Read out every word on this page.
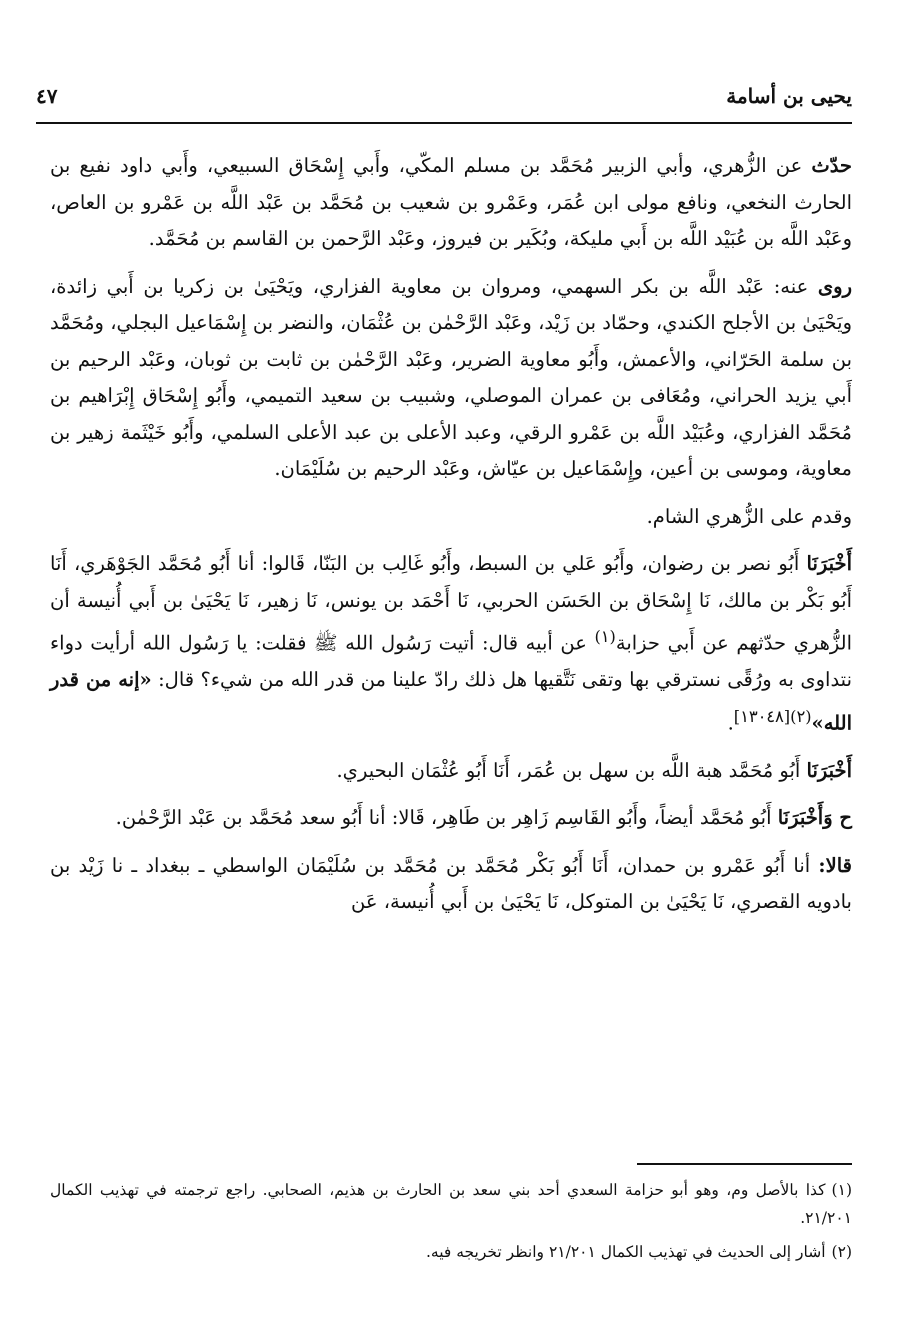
يحيى بن أسامة
٤٧

حدّث عن الزُّهري، وأبي الزبير مُحَمَّد بن مسلم المكّي، وأَبي إِسْحَاق السبيعي، وأَبي داود نفيع بن الحارث النخعي، ونافع مولى ابن عُمَر، وعَمْرو بن شعيب بن مُحَمَّد بن عَبْد اللَّه بن عَمْرو بن العاص، وعَبْد اللَّه بن عُبَيْد اللَّه بن أَبي مليكة، وبُكَير بن فيروز، وعَبْد الرَّحمن بن القاسم بن مُحَمَّد.

روى عنه: عَبْد اللَّه بن بكر السهمي، ومروان بن معاوية الفزاري، ويَحْيَىٰ بن زكريا بن أَبي زائدة، ويَحْيَىٰ بن الأجلح الكندي، وحمّاد بن زَيْد، وعَبْد الرَّحْمٰن بن عُثْمَان، والنضر بن إِسْمَاعيل البجلي، ومُحَمَّد بن سلمة الحَرّاني، والأعمش، وأَبُو معاوية الضرير، وعَبْد الرَّحْمٰن بن ثابت بن ثوبان، وعَبْد الرحيم بن أَبي يزيد الحراني، ومُعَافى بن عمران الموصلي، وشبيب بن سعيد التميمي، وأَبُو إِسْحَاق إِبْرَاهيم بن مُحَمَّد الفزاري، وعُبَيْد اللَّه بن عَمْرو الرقي، وعبد الأعلى بن عبد الأعلى السلمي، وأَبُو خَيْثَمة زهير بن معاوية، وموسى بن أعين، وإِسْمَاعيل بن عيّاش، وعَبْد الرحيم بن سُلَيْمَان.

وقدم على الزُّهري الشام.

أَخْبَرَنَا أَبُو نصر بن رضوان، وأَبُو عَلي بن السبط، وأَبُو غَالِب بن البَنّا، قَالوا: أنا أَبُو مُحَمَّد الجَوْهَري، أَنَا أَبُو بَكْر بن مالك، نَا إِسْحَاق بن الحَسَن الحربي، نَا أَحْمَد بن يونس، نَا زهير، نَا يَحْيَىٰ بن أَبي أُنيسة أن الزُّهري حدّثهم عن أَبي حزابة$^{(١)}$ عن أبيه قال: أتيت رَسُول الله ﷺ فقلت: يا رَسُول الله أرأيت دواء نتداوى به ورُقًى نسترقي بها وتقى نَتَّقيها هل ذلك رادّ علينا من قدر الله من شيء؟ قال: «إنه من قدر الله»$^{(٢)[١٣٠٤٨]}$.

أَخْبَرَنَا أَبُو مُحَمَّد هبة اللَّه بن سهل بن عُمَر، أَنَا أَبُو عُثْمَان البحيري.

ح وَأَخْبَرَنَا أَبُو مُحَمَّد أيضاً، وأَبُو القَاسِم زَاهِر بن طَاهِر، قَالا: أنا أَبُو سعد مُحَمَّد بن عَبْد الرَّحْمٰن.

قالا: أنا أَبُو عَمْرو بن حمدان، أَنَا أَبُو بَكْر مُحَمَّد بن مُحَمَّد بن سُلَيْمَان الواسطي ـ ببغداد ـ نا زَيْد بن بادويه القصري، نَا يَحْيَىٰ بن المتوكل، نَا يَحْيَىٰ بن أَبي أُنيسة، عَن

(١)كذا بالأصل وم، وهو أبو حزامة السعدي أحد بني سعد بن الحارث بن هذيم، الصحابي. راجع ترجمته في تهذيب الكمال ٢١/٢٠١.

(٢)أشار إلى الحديث في تهذيب الكمال ٢١/٢٠١ وانظر تخريجه فيه.
